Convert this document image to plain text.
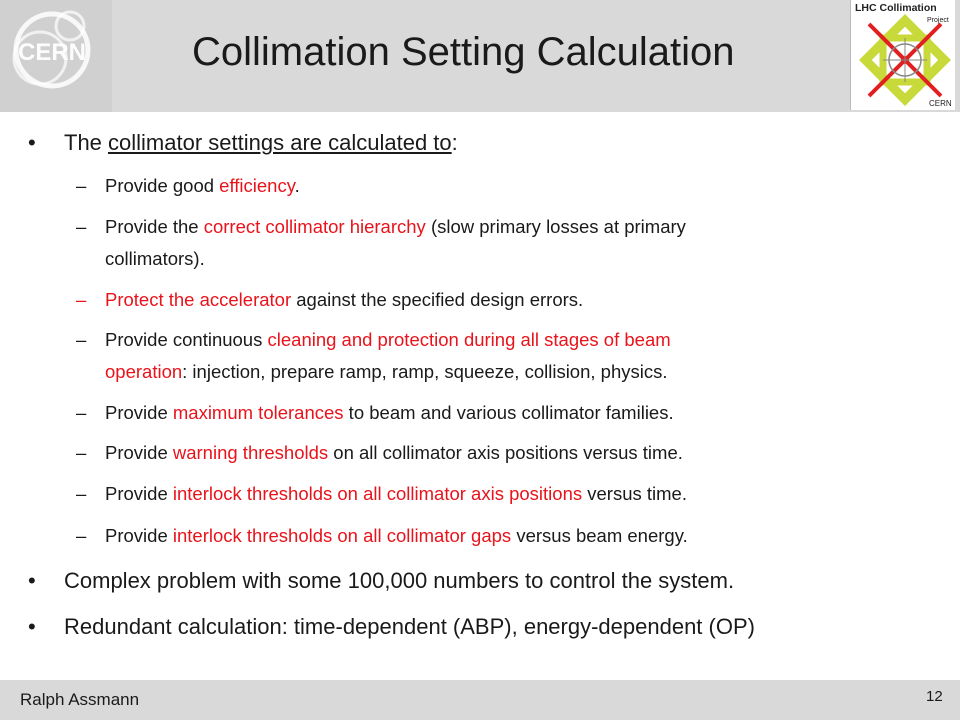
CERN	Collimation Setting Calculation
LHC Collimation
Project
CERN
• The collimator settings are calculated to:
– Provide good efficiency.
– Provide the correct collimator hierarchy (slow primary losses at primary
collimators).
– Protect the accelerator against the specified design errors.
– Provide continuous cleaning and protection during all stages of beam
operation: injection, prepare ramp, ramp, squeeze, collision, physics.
– Provide maximum tolerances to beam and various collimator families.
– Provide warning thresholds on all collimator axis positions versus time.
– Provide interlock thresholds on all collimator axis positions versus time.
– Provide interlock thresholds on all collimator gaps versus beam energy.
• Complex problem with some 100,000 numbers to control the system.
• Redundant calculation: time-dependent (ABP), energy-dependent (OP)
Ralph Assmann	12
